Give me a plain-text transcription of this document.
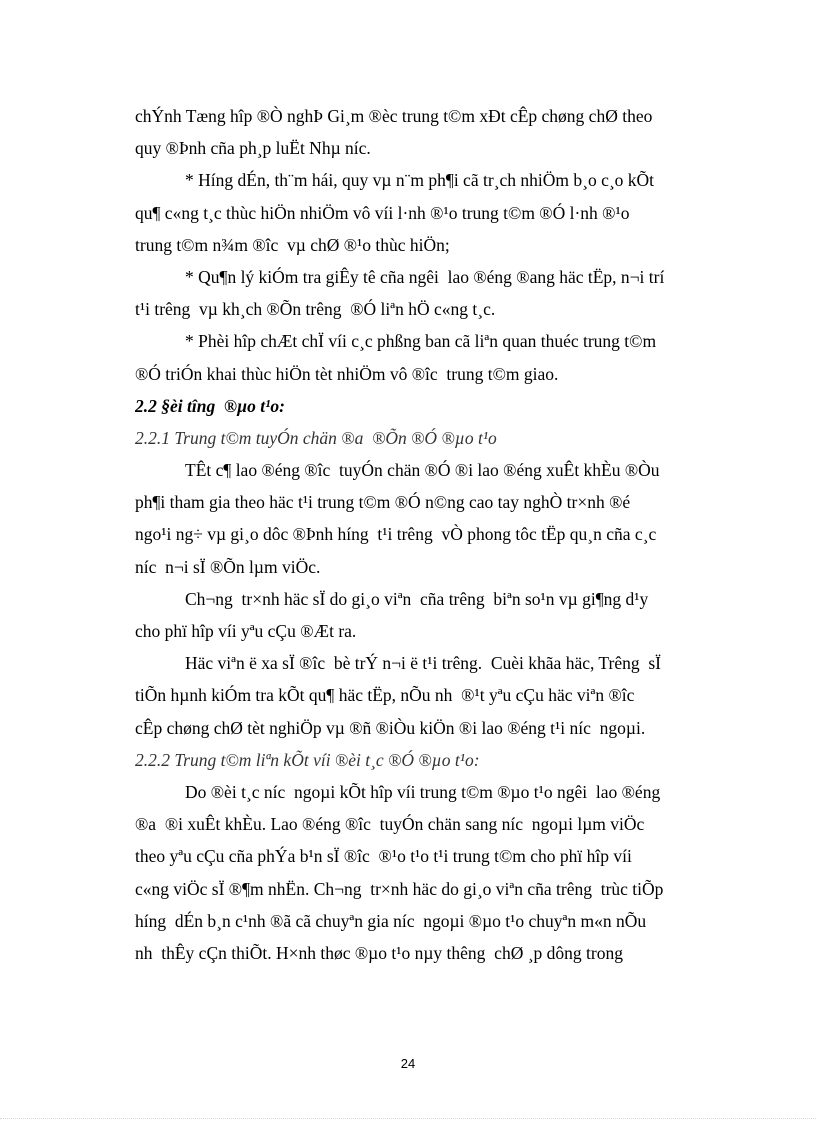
chÝnh Tæng hîp ®Ò nghÞ Gi¸m ®èc trung t©m xÐt cÊp chøng chØ theo
quy ®Þnh cña ph¸p luËt Nhµ níc.
* Híng dÉn, th¨m hái, quy vµ n¨m ph¶i cã tr¸ch nhiÖm b¸o c¸o kÕt
qu¶ c«ng t¸c thùc hiÖn nhiÖm vô víi l·nh ®¹o trung t©m ®Ó l·nh ®¹o
trung t©m n¾m ®îc  vµ chØ ®¹o thùc hiÖn;
* Qu¶n lý kiÓm tra giÊy tê cña ngêi  lao ®éng ®ang häc tËp, n¬i trí
t¹i trêng  vµ kh¸ch ®Õn trêng  ®Ó liªn hÖ c«ng t¸c.
* Phèi hîp chÆt chÏ víi c¸c phßng ban cã liªn quan thuéc trung t©m
®Ó triÓn khai thùc hiÖn tèt nhiÖm vô ®îc  trung t©m giao.
2.2 §èi tîng  ®µo t¹o:
2.2.1 Trung t©m tuyÓn chän ®a  ®Õn ®Ó ®µo t¹o
TÊt c¶ lao ®éng ®îc  tuyÓn chän ®Ó ®i lao ®éng xuÊt khÈu ®Òu
ph¶i tham gia theo häc t¹i trung t©m ®Ó n©ng cao tay nghÒ tr×nh ®é
ngo¹i ng÷ vµ gi¸o dôc ®Þnh híng  t¹i trêng  vÒ phong tôc tËp qu¸n cña c¸c
níc  n¬i sÏ ®Õn lµm viÖc.
Ch¬ng  tr×nh häc sÏ do gi¸o viªn  cña trêng  biªn so¹n vµ gi¶ng d¹y
cho phï hîp víi yªu cÇu ®Æt ra.
Häc viªn ë xa sÏ ®îc  bè trÝ n¬i ë t¹i trêng.  Cuèi khãa häc, Trêng  sÏ
tiÕn hµnh kiÓm tra kÕt qu¶ häc tËp, nÕu nh  ®¹t yªu cÇu häc viªn ®îc
cÊp chøng chØ tèt nghiÖp vµ ®ñ ®iÒu kiÖn ®i lao ®éng t¹i níc  ngoµi.
2.2.2 Trung t©m liªn kÕt víi ®èi t¸c ®Ó ®µo t¹o:
Do ®èi t¸c níc  ngoµi kÕt hîp víi trung t©m ®µo t¹o ngêi  lao ®éng
®a  ®i xuÊt khÈu. Lao ®éng ®îc  tuyÓn chän sang níc  ngoµi lµm viÖc
theo yªu cÇu cña phÝa b¹n sÏ ®îc  ®¹o t¹o t¹i trung t©m cho phï hîp víi
c«ng viÖc sÏ ®¶m nhËn. Ch¬ng  tr×nh häc do gi¸o viªn cña trêng  trùc tiÕp
híng  dÉn b¸n c¹nh ®ã cã chuyªn gia níc  ngoµi ®µo t¹o chuyªn m«n nÕu
nh  thÊy cÇn thiÕt. H×nh thøc ®µo t¹o nµy thêng  chØ ¸p dông trong
24
